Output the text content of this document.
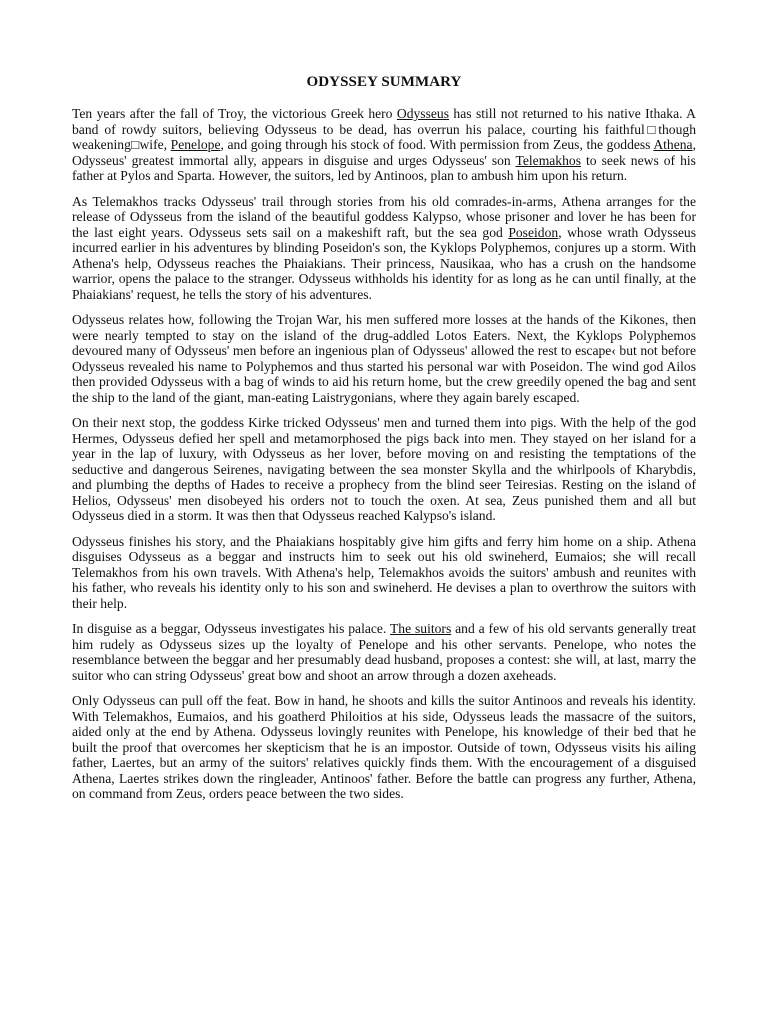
ODYSSEY SUMMARY

Ten years after the fall of Troy, the victorious Greek hero Odysseus has still not returned to his native Ithaka. A band of rowdy suitors, believing Odysseus to be dead, has overrun his palace, courting his faithful□though weakening□wife, Penelope, and going through his stock of food. With permission from Zeus, the goddess Athena, Odysseus' greatest immortal ally, appears in disguise and urges Odysseus' son Telemakhos to seek news of his father at Pylos and Sparta. However, the suitors, led by Antinoos, plan to ambush him upon his return.

As Telemakhos tracks Odysseus' trail through stories from his old comrades-in-arms, Athena arranges for the release of Odysseus from the island of the beautiful goddess Kalypso, whose prisoner and lover he has been for the last eight years. Odysseus sets sail on a makeshift raft, but the sea god Poseidon, whose wrath Odysseus incurred earlier in his adventures by blinding Poseidon's son, the Kyklops Polyphemos, conjures up a storm. With Athena's help, Odysseus reaches the Phaiakians. Their princess, Nausikaa, who has a crush on the handsome warrior, opens the palace to the stranger. Odysseus withholds his identity for as long as he can until finally, at the Phaiakians' request, he tells the story of his adventures.

Odysseus relates how, following the Trojan War, his men suffered more losses at the hands of the Kikones, then were nearly tempted to stay on the island of the drug-addled Lotos Eaters. Next, the Kyklops Polyphemos devoured many of Odysseus' men before an ingenious plan of Odysseus' allowed the rest to escape‹ but not before Odysseus revealed his name to Polyphemos and thus started his personal war with Poseidon. The wind god Ailos then provided Odysseus with a bag of winds to aid his return home, but the crew greedily opened the bag and sent the ship to the land of the giant, man-eating Laistrygonians, where they again barely escaped.

On their next stop, the goddess Kirke tricked Odysseus' men and turned them into pigs. With the help of the god Hermes, Odysseus defied her spell and metamorphosed the pigs back into men. They stayed on her island for a year in the lap of luxury, with Odysseus as her lover, before moving on and resisting the temptations of the seductive and dangerous Seirenes, navigating between the sea monster Skylla and the whirlpools of Kharybdis, and plumbing the depths of Hades to receive a prophecy from the blind seer Teiresias. Resting on the island of Helios, Odysseus' men disobeyed his orders not to touch the oxen. At sea, Zeus punished them and all but Odysseus died in a storm. It was then that Odysseus reached Kalypso's island.

Odysseus finishes his story, and the Phaiakians hospitably give him gifts and ferry him home on a ship. Athena disguises Odysseus as a beggar and instructs him to seek out his old swineherd, Eumaios; she will recall Telemakhos from his own travels. With Athena's help, Telemakhos avoids the suitors' ambush and reunites with his father, who reveals his identity only to his son and swineherd. He devises a plan to overthrow the suitors with their help.

In disguise as a beggar, Odysseus investigates his palace. The suitors and a few of his old servants generally treat him rudely as Odysseus sizes up the loyalty of Penelope and his other servants. Penelope, who notes the resemblance between the beggar and her presumably dead husband, proposes a contest: she will, at last, marry the suitor who can string Odysseus' great bow and shoot an arrow through a dozen axeheads.

Only Odysseus can pull off the feat. Bow in hand, he shoots and kills the suitor Antinoos and reveals his identity. With Telemakhos, Eumaios, and his goatherd Philoitios at his side, Odysseus leads the massacre of the suitors, aided only at the end by Athena. Odysseus lovingly reunites with Penelope, his knowledge of their bed that he built the proof that overcomes her skepticism that he is an impostor. Outside of town, Odysseus visits his ailing father, Laertes, but an army of the suitors' relatives quickly finds them. With the encouragement of a disguised Athena, Laertes strikes down the ringleader, Antinoos' father. Before the battle can progress any further, Athena, on command from Zeus, orders peace between the two sides.
